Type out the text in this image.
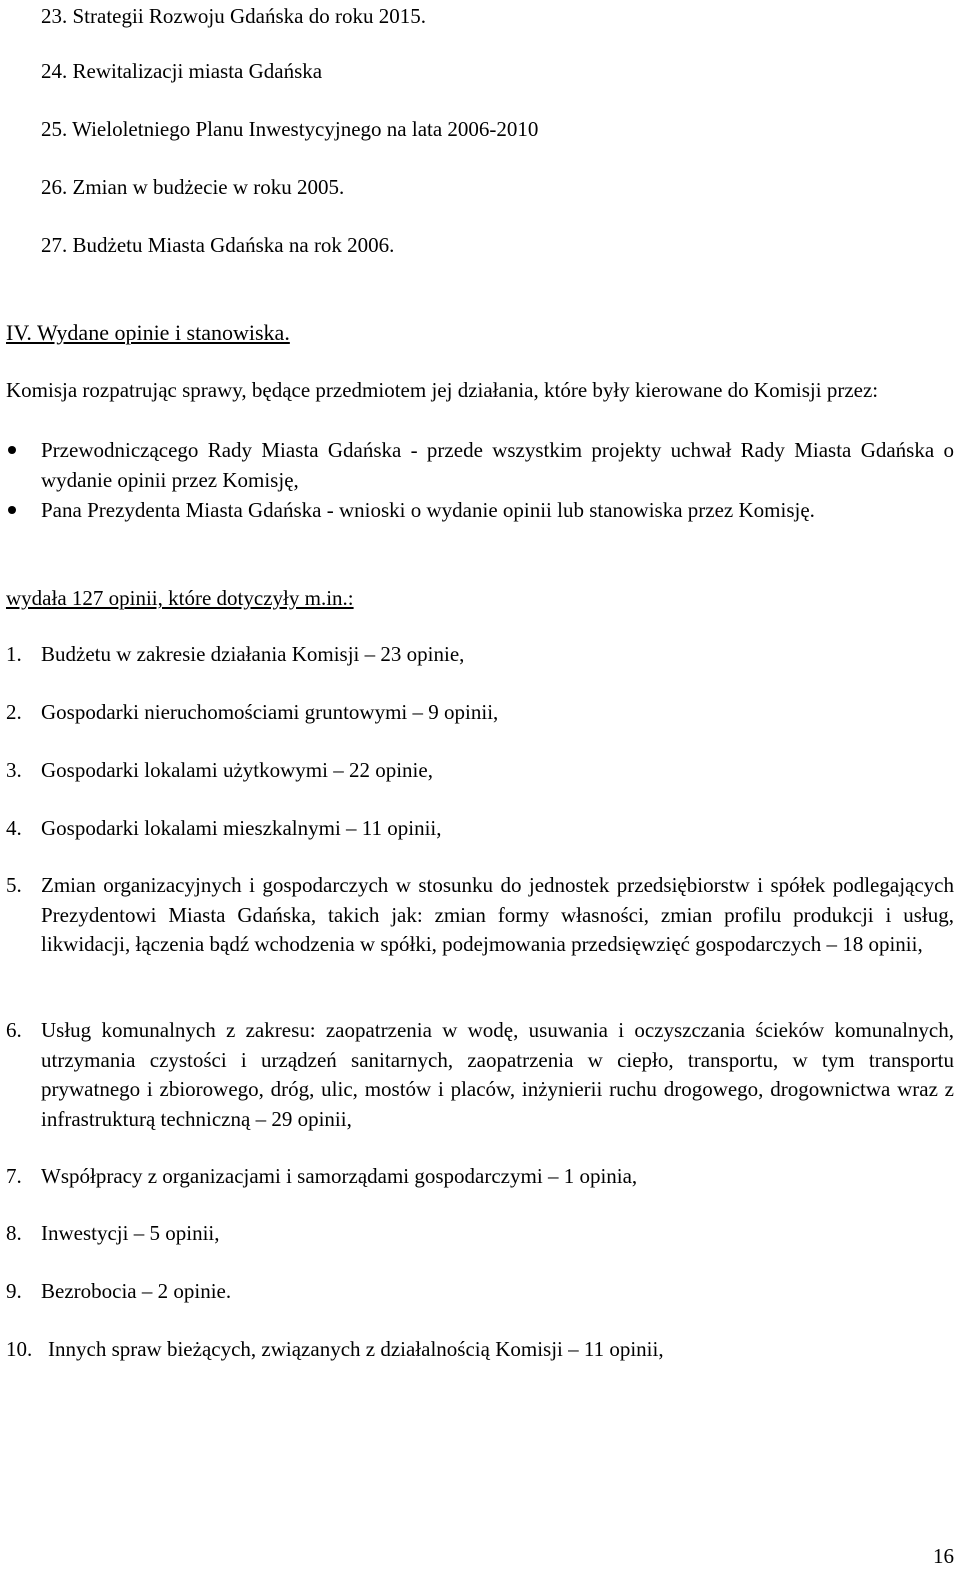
23. Strategii Rozwoju Gdańska do roku 2015.
24. Rewitalizacji miasta Gdańska
25. Wieloletniego Planu Inwestycyjnego na lata 2006-2010
26. Zmian w budżecie w roku 2005.
27. Budżetu Miasta Gdańska na rok 2006.
IV. Wydane opinie i stanowiska.

Komisja rozpatrując sprawy, będące przedmiotem jej działania, które były kierowane do Komisji przez:

Przewodniczącego Rady Miasta Gdańska - przede wszystkim projekty uchwał Rady Miasta Gdańska o wydanie opinii przez Komisję,
Pana Prezydenta Miasta Gdańska - wnioski o wydanie opinii lub stanowiska przez Komisję.
wydała 127 opinii, które dotyczyły m.in.:
1. Budżetu w zakresie działania Komisji – 23 opinie,
2. Gospodarki nieruchomościami gruntowymi – 9 opinii,
3. Gospodarki lokalami użytkowymi – 22 opinie,
4. Gospodarki lokalami mieszkalnymi – 11 opinii,
5. Zmian organizacyjnych i gospodarczych w stosunku do jednostek przedsiębiorstw i spółek podlegających Prezydentowi Miasta Gdańska, takich jak: zmian formy własności, zmian profilu produkcji i usług, likwidacji, łączenia bądź wchodzenia w spółki, podejmowania przedsięwzięć gospodarczych – 18 opinii,
6. Usług komunalnych z zakresu: zaopatrzenia w wodę, usuwania i oczyszczania ścieków komunalnych, utrzymania czystości i urządzeń sanitarnych, zaopatrzenia w ciepło, transportu, w tym transportu prywatnego i zbiorowego, dróg, ulic, mostów i placów, inżynierii ruchu drogowego, drogownictwa wraz z infrastrukturą techniczną – 29 opinii,
7. Współpracy z organizacjami i samorządami gospodarczymi – 1 opinia,
8. Inwestycji – 5 opinii,
9. Bezrobocia – 2 opinie.
10. Innych spraw bieżących, związanych z działalnością Komisji – 11 opinii,
16
